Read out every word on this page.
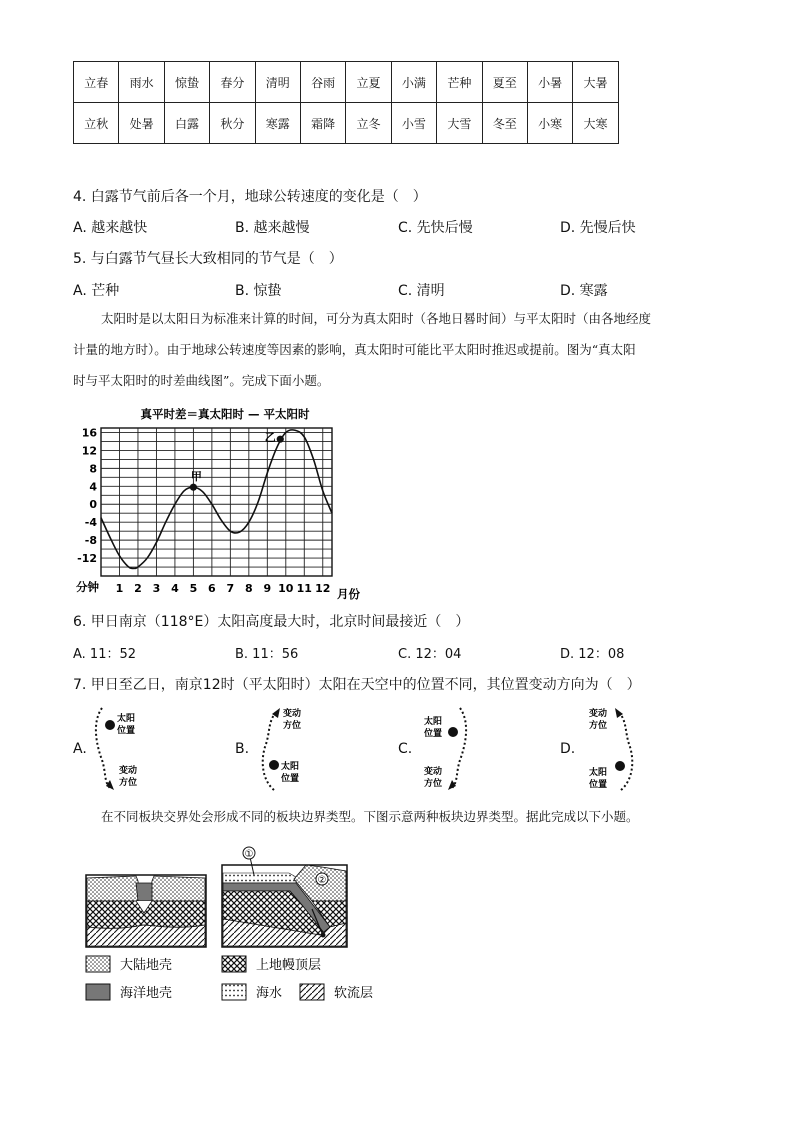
立春	雨水	惊蛰	春分	清明	谷雨	立夏	小满	芒种	夏至	小暑	大暑
立秋	处暑	白露	秋分	寒露	霜降	立冬	小雪	大雪	冬至	小寒	大寒
4. 白露节气前后各一个月，地球公转速度的变化是（　）
A. 越来越快	B. 越来越慢	C. 先快后慢	D. 先慢后快
5. 与白露节气昼长大致相同的节气是（　）
A. 芒种	B. 惊蛰	C. 清明	D. 寒露
太阳时是以太阳日为标准来计算的时间，可分为真太阳时（各地日晷时间）与平太阳时（由各地经度
计量的地方时）。由于地球公转速度等因素的影响，真太阳时可能比平太阳时推迟或提前。图为“真太阳
时与平太阳时的时差曲线图”。完成下面小题。
真平时差＝真太阳时 — 平太阳时
16
12
8
4
0
-4
-8
-12
1 2 3 4 5 6 7 8 9 10 11 12
甲
乙
分钟	月份
6. 甲日南京（118°E）太阳高度最大时，北京时间最接近（　）
A. 11：52	B. 11：56	C. 12：04	D. 12：08
7. 甲日至乙日，南京12时（平太阳时）太阳在天空中的位置不同，其位置变动方向为（　）
A.
太阳
位置
变动
方位
B.
变动
方位
太阳
位置
C.
太阳
位置
变动
方位
D.
变动
方位
太阳
位置
在不同板块交界处会形成不同的板块边界类型。下图示意两种板块边界类型。据此完成以下小题。
①
②
大陆地壳	上地幔顶层
海洋地壳	海水	软流层
